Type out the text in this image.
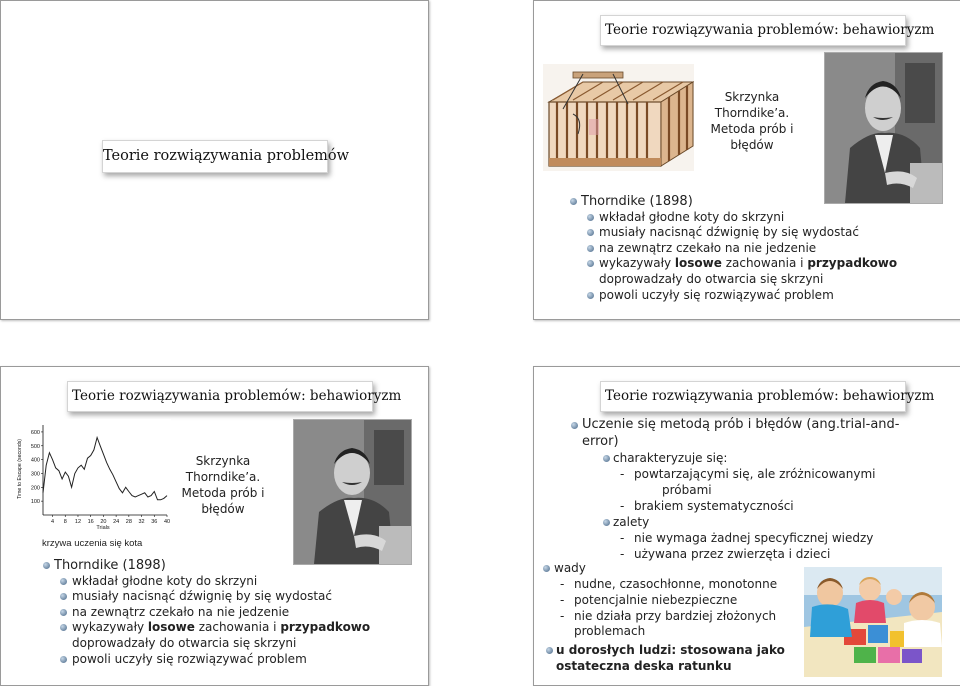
Teorie rozwiązywania problemów
Teorie rozwiązywania problemów: behawioryzm
Skrzynka
Thorndike’a.
Metoda prób i
błędów
Thorndike (1898)
wkładał głodne koty do skrzyni
musiały nacisnąć dźwignię by się wydostać
na zewnątrz czekało na nie jedzenie
wykazywały losowe zachowania i przypadkowo
doprowadzały do otwarcia się skrzyni
powoli uczyły się rozwiązywać problem
Teorie rozwiązywania problemów: behawioryzm
Time to Escape (seconds)
Trials
100
200
300
400
500
600
4 8 12 16 20 24 28 32 36 40
krzywa uczenia się kota
Skrzynka
Thorndike’a.
Metoda prób i
błędów
Thorndike (1898)
wkładał głodne koty do skrzyni
musiały nacisnąć dźwignię by się wydostać
na zewnątrz czekało na nie jedzenie
wykazywały losowe zachowania i przypadkowo
doprowadzały do otwarcia się skrzyni
powoli uczyły się rozwiązywać problem
Teorie rozwiązywania problemów: behawioryzm
Uczenie się metodą prób i błędów (ang.trial-and-
error)
charakteryzuje się:
- powtarzającymi się, ale zróżnicowanymi
próbami
- brakiem systematyczności
zalety
- nie wymaga żadnej specyficznej wiedzy
- używana przez zwierzęta i dzieci
wady
- nudne, czasochłonne, monotonne
- potencjalnie niebezpieczne
- nie działa przy bardziej złożonych
problemach
u dorosłych ludzi: stosowana jako
ostateczna deska ratunku
